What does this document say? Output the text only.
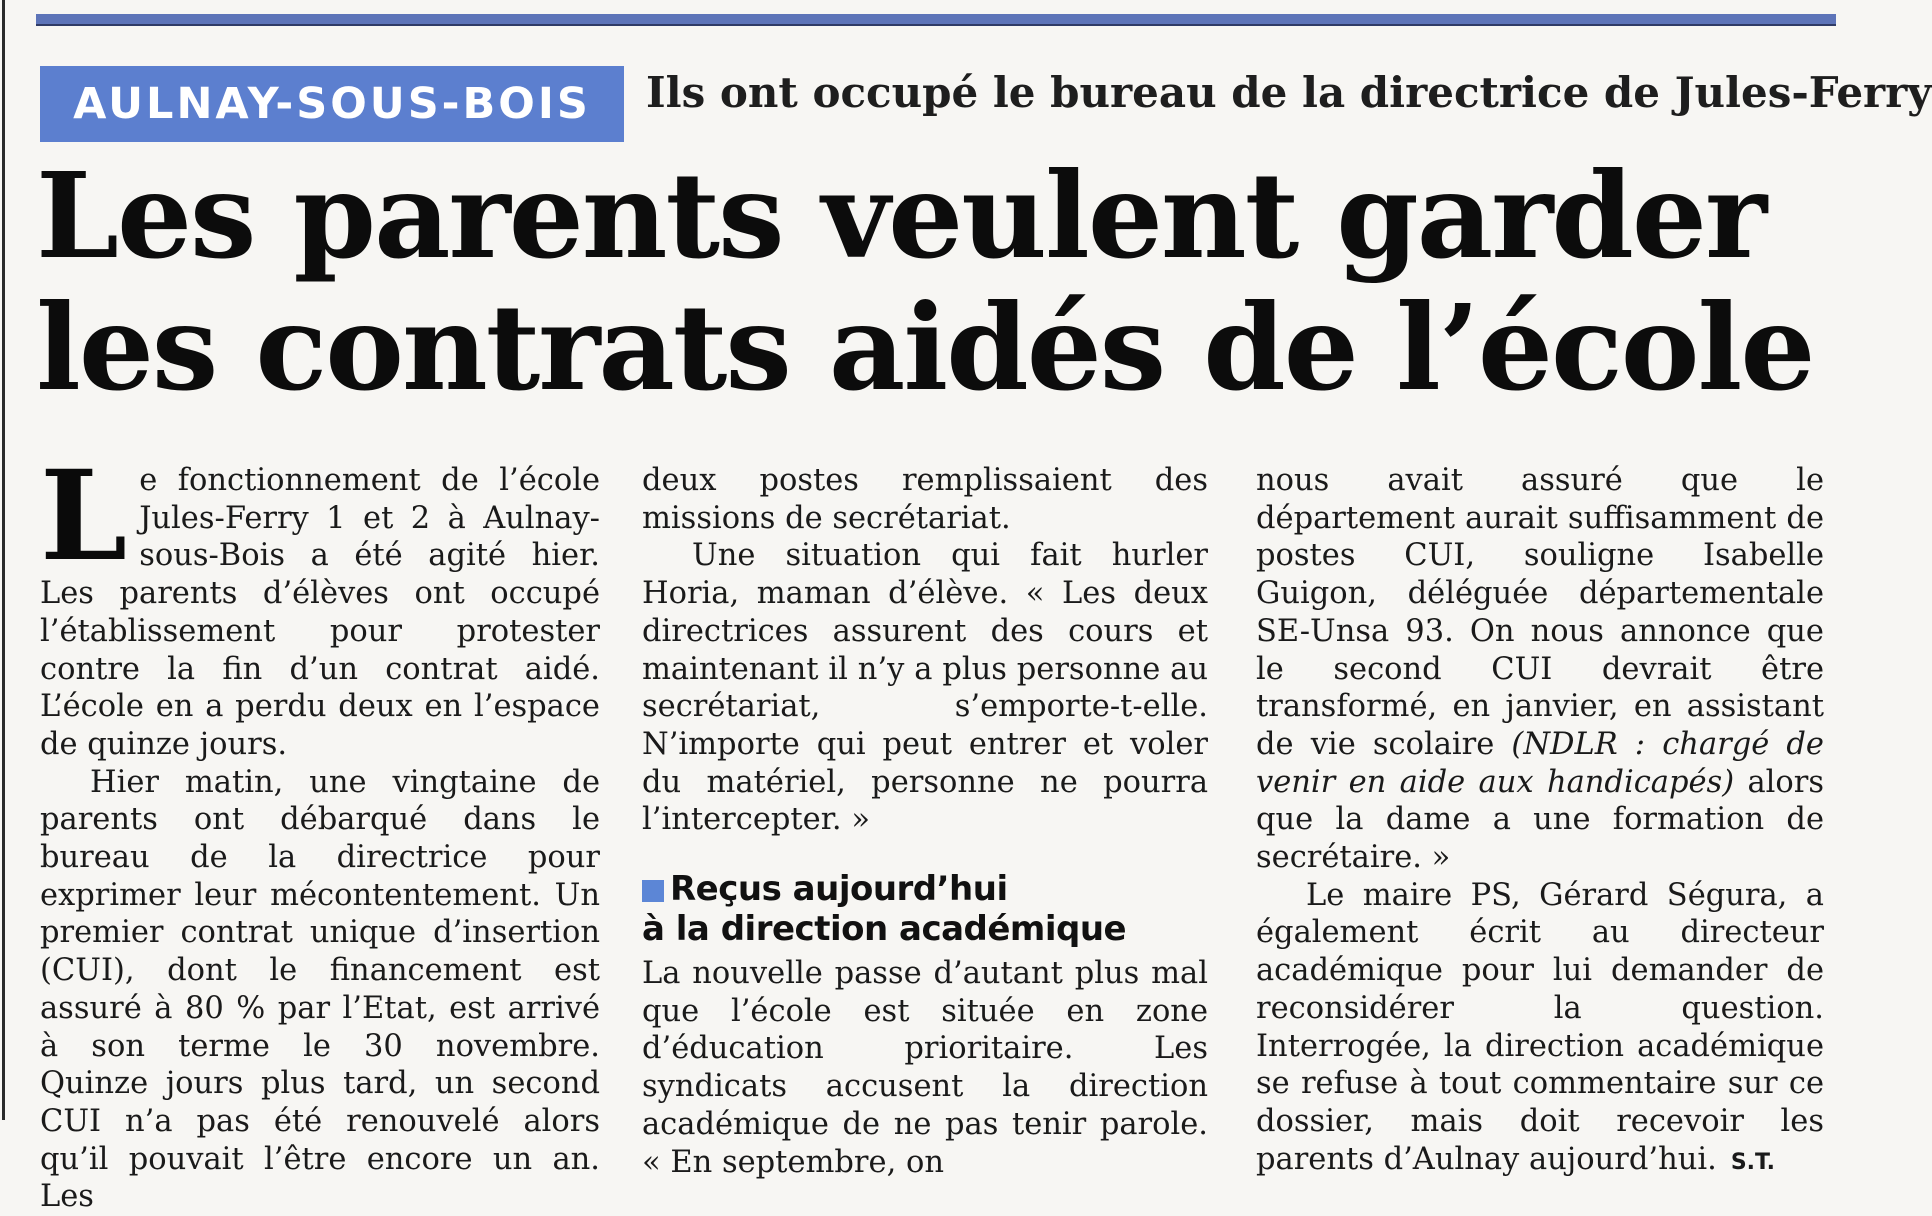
AULNAY-SOUS-BOIS Ils ont occupé le bureau de la directrice de Jules-Ferry
Les parents veulent garder
les contrats aidés de l’école

Le fonctionnement de l’école Jules-Ferry 1 et 2 à Aulnay-sous-Bois a été agité hier. Les parents d’élèves ont occupé l’établissement pour protester contre la fin d’un contrat aidé. L’école en a perdu deux en l’espace de quinze jours.

Hier matin, une vingtaine de parents ont débarqué dans le bureau de la directrice pour exprimer leur mécontentement. Un premier contrat unique d’insertion (CUI), dont le financement est assuré à 80 % par l’Etat, est arrivé à son terme le 30 novembre. Quinze jours plus tard, un second CUI n’a pas été renouvelé alors qu’il pouvait l’être encore un an. Les

deux postes remplissaient des missions de secrétariat.

Une situation qui fait hurler Horia, maman d’élève. « Les deux directrices assurent des cours et maintenant il n’y a plus personne au secrétariat, s’emporte-t-elle. N’importe qui peut entrer et voler du matériel, personne ne pourra l’intercepter. »

Reçus aujourd’hui
à la direction académique

La nouvelle passe d’autant plus mal que l’école est située en zone d’éducation prioritaire. Les syndicats accusent la direction académique de ne pas tenir parole. « En septembre, on

nous avait assuré que le département aurait suffisamment de postes CUI, souligne Isabelle Guigon, déléguée départementale SE-Unsa 93. On nous annonce que le second CUI devrait être transformé, en janvier, en assistant de vie scolaire (NDLR : chargé de venir en aide aux handicapés) alors que la dame a une formation de secrétaire. »

Le maire PS, Gérard Ségura, a également écrit au directeur académique pour lui demander de reconsidérer la question. Interrogée, la direction académique se refuse à tout commentaire sur ce dossier, mais doit recevoir les parents d’Aulnay aujourd’hui. S.T.
